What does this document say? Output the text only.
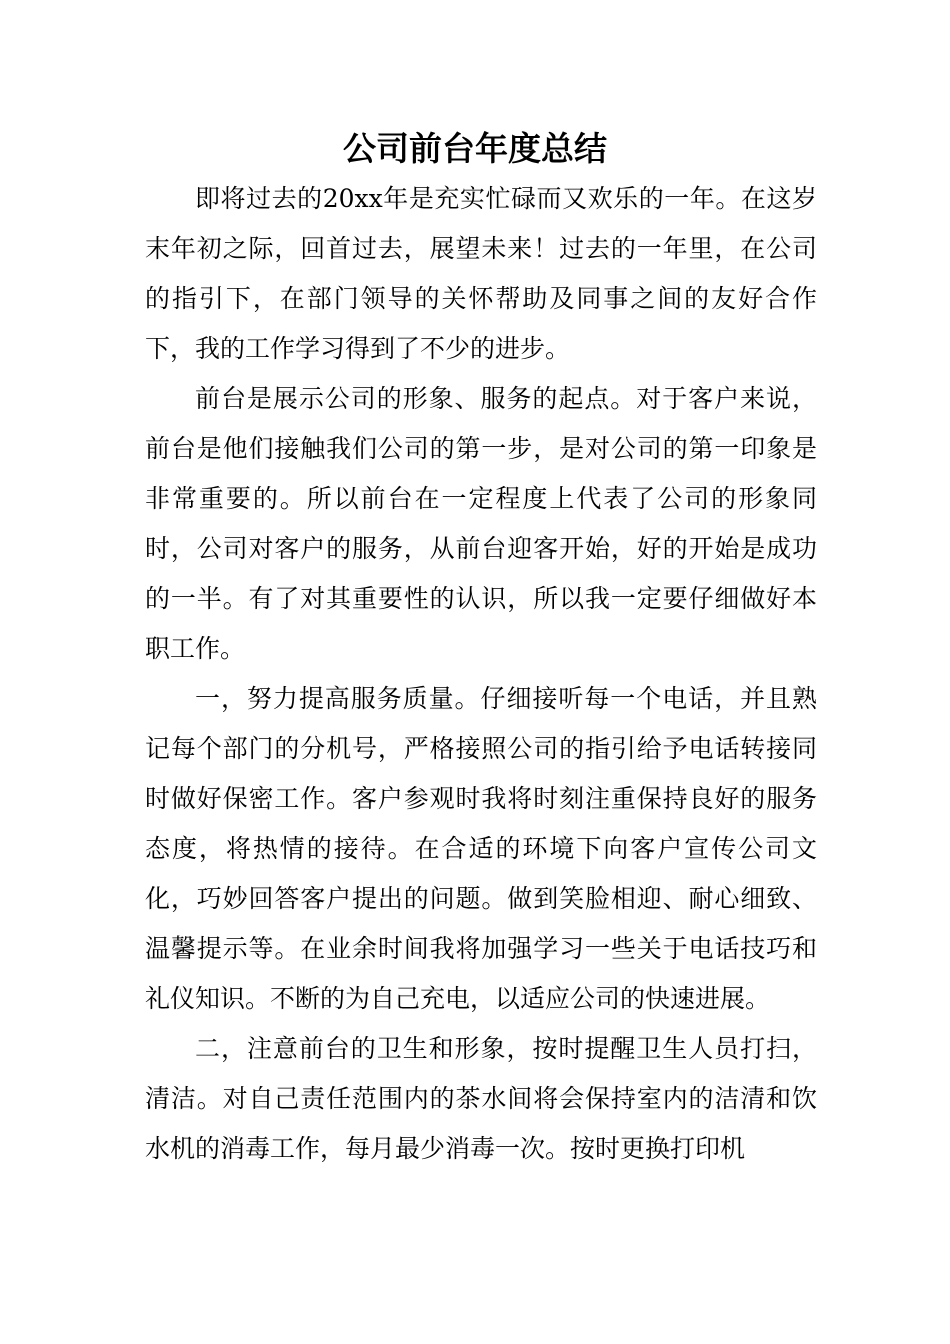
公司前台年度总结

即将过去的20xx年是充实忙碌而又欢乐的一年。在这岁末年初之际，回首过去，展望未来！过去的一年里，在公司的指引下，在部门领导的关怀帮助及同事之间的友好合作下，我的工作学习得到了不少的进步。

前台是展示公司的形象、服务的起点。对于客户来说，前台是他们接触我们公司的第一步，是对公司的第一印象是非常重要的。所以前台在一定程度上代表了公司的形象同时，公司对客户的服务，从前台迎客开始，好的开始是成功的一半。有了对其重要性的认识，所以我一定要仔细做好本职工作。

一，努力提高服务质量。仔细接听每一个电话，并且熟记每个部门的分机号，严格接照公司的指引给予电话转接同时做好保密工作。客户参观时我将时刻注重保持良好的服务态度，将热情的接待。在合适的环境下向客户宣传公司文化，巧妙回答客户提出的问题。做到笑脸相迎、耐心细致、温馨提示等。在业余时间我将加强学习一些关于电话技巧和礼仪知识。不断的为自己充电，以适应公司的快速进展。

二，注意前台的卫生和形象，按时提醒卫生人员打扫，清洁。对自己责任范围内的茶水间将会保持室内的洁清和饮水机的消毒工作，每月最少消毒一次。按时更换打印机
